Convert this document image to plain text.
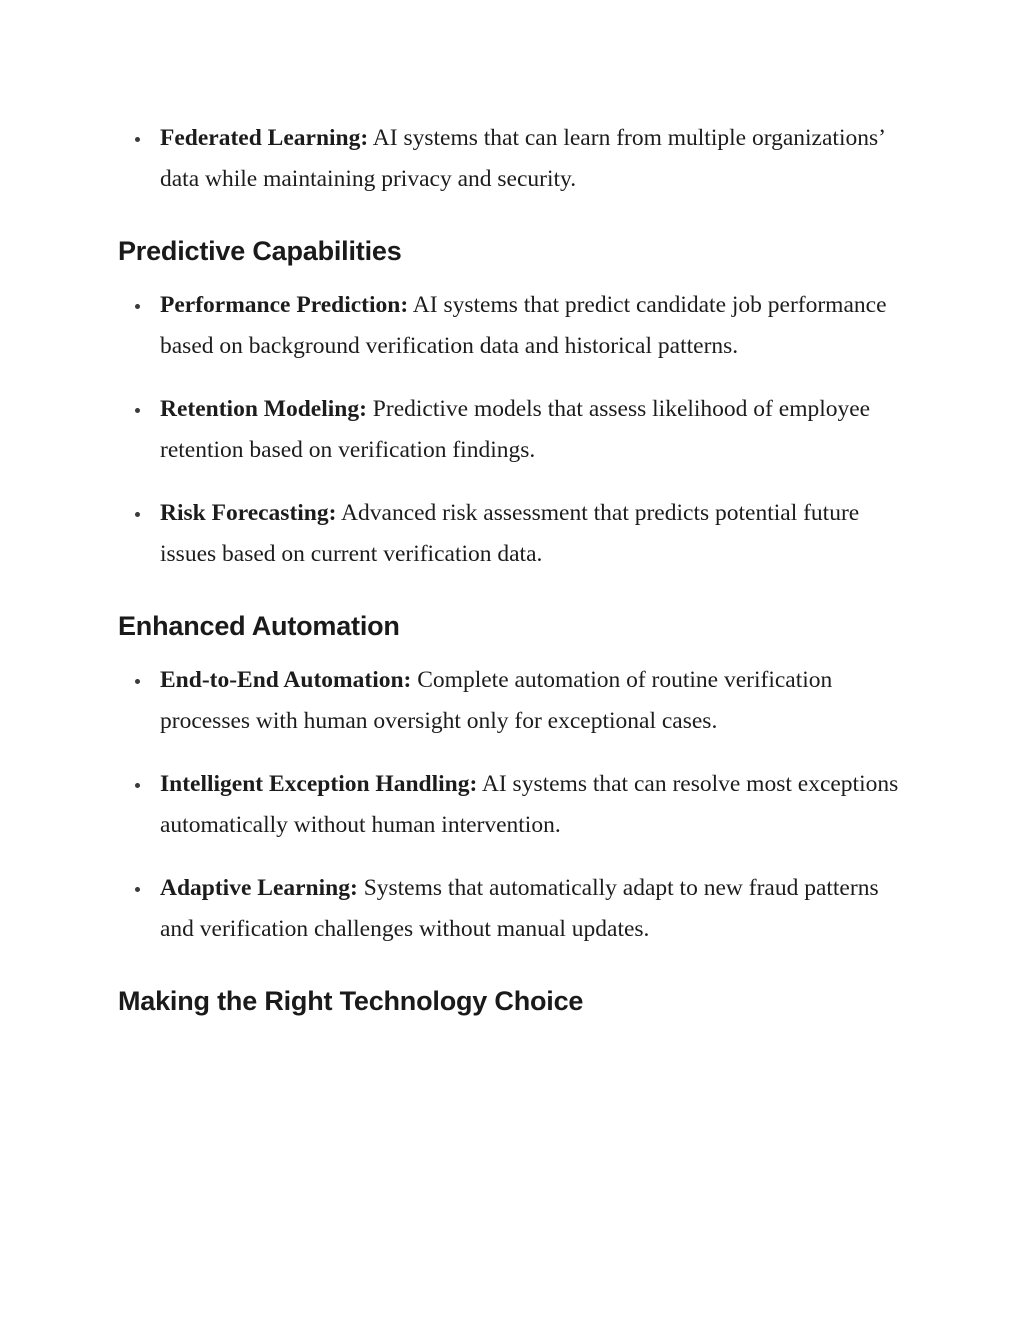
Federated Learning: AI systems that can learn from multiple organizations’ data while maintaining privacy and security.
Predictive Capabilities
Performance Prediction: AI systems that predict candidate job performance based on background verification data and historical patterns.
Retention Modeling: Predictive models that assess likelihood of employee retention based on verification findings.
Risk Forecasting: Advanced risk assessment that predicts potential future issues based on current verification data.
Enhanced Automation
End-to-End Automation: Complete automation of routine verification processes with human oversight only for exceptional cases.
Intelligent Exception Handling: AI systems that can resolve most exceptions automatically without human intervention.
Adaptive Learning: Systems that automatically adapt to new fraud patterns and verification challenges without manual updates.
Making the Right Technology Choice
